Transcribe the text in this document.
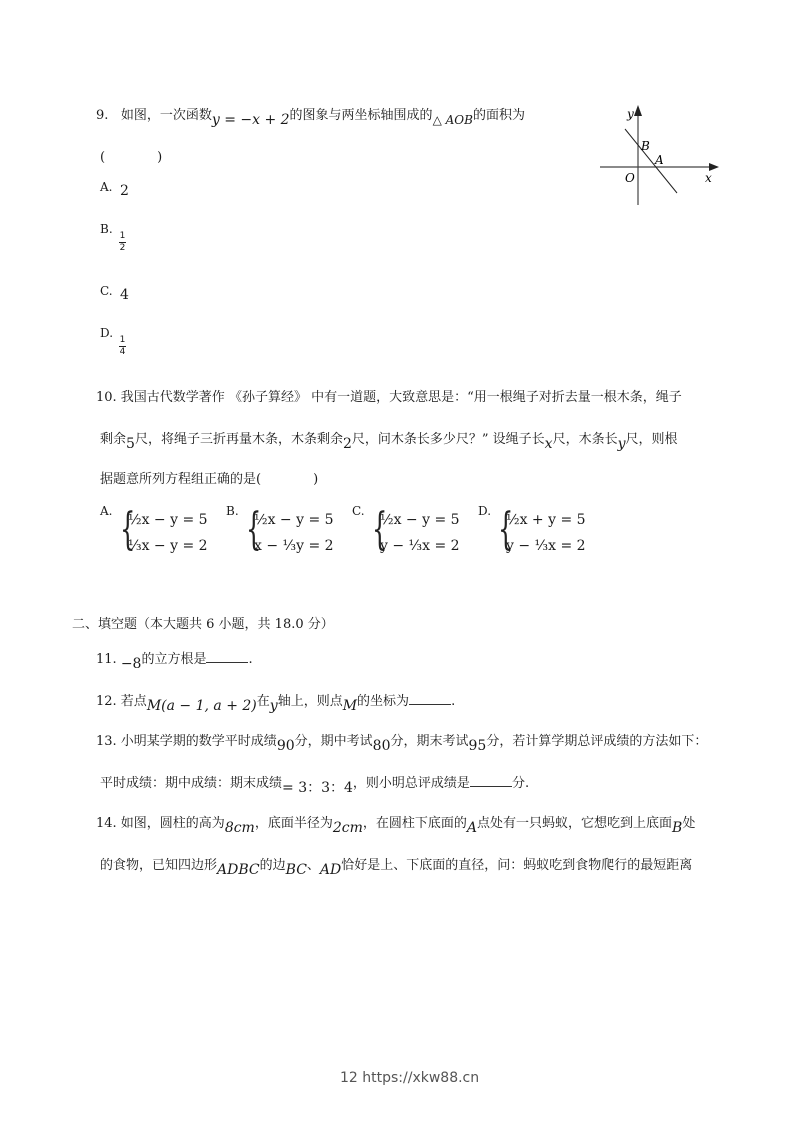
9. 如图，一次函数y = −x + 2的图象与两坐标轴围成的△ AOB的面积为
(　　　　)
A. 2
B.
$\frac{1}{2}$
C. 4
D.
$\frac{1}{4}$
y
x
O
A
B
10. 我国古代数学著作 《孙子算经》 中有一道题，大致意思是：“用一根绳子对折去量一根木条，绳子
剩余5尺，将绳子三折再量木条，木条剩余2尺，问木条长多少尺？” 设绳子长x尺，木条长y尺，则根
据题意所列方程组正确的是(　　　　)
A. {
½x − y = 5
⅓x − y = 2
B. {
½x − y = 5
x − ⅓y = 2
C. {
½x − y = 5
y − ⅓x = 2
D. {
½x + y = 5
y − ⅓x = 2
二、填空题（本大题共 6 小题，共 18.0 分）
11. −8的立方根是	.
12. 若点M(a − 1, a + 2)在y轴上，则点M的坐标为	.
13. 小明某学期的数学平时成绩90分，期中考试80分，期末考试95分，若计算学期总评成绩的方法如下：
平时成绩：期中成绩：期末成绩= 3：3：4，则小明总评成绩是	分.
14. 如图，圆柱的高为8cm，底面半径为2cm，在圆柱下底面的A点处有一只蚂蚁，它想吃到上底面B处
的食物，已知四边形ADBC的边BC、AD恰好是上、下底面的直径，问：蚂蚁吃到食物爬行的最短距离
12 https://xkw88.cn
